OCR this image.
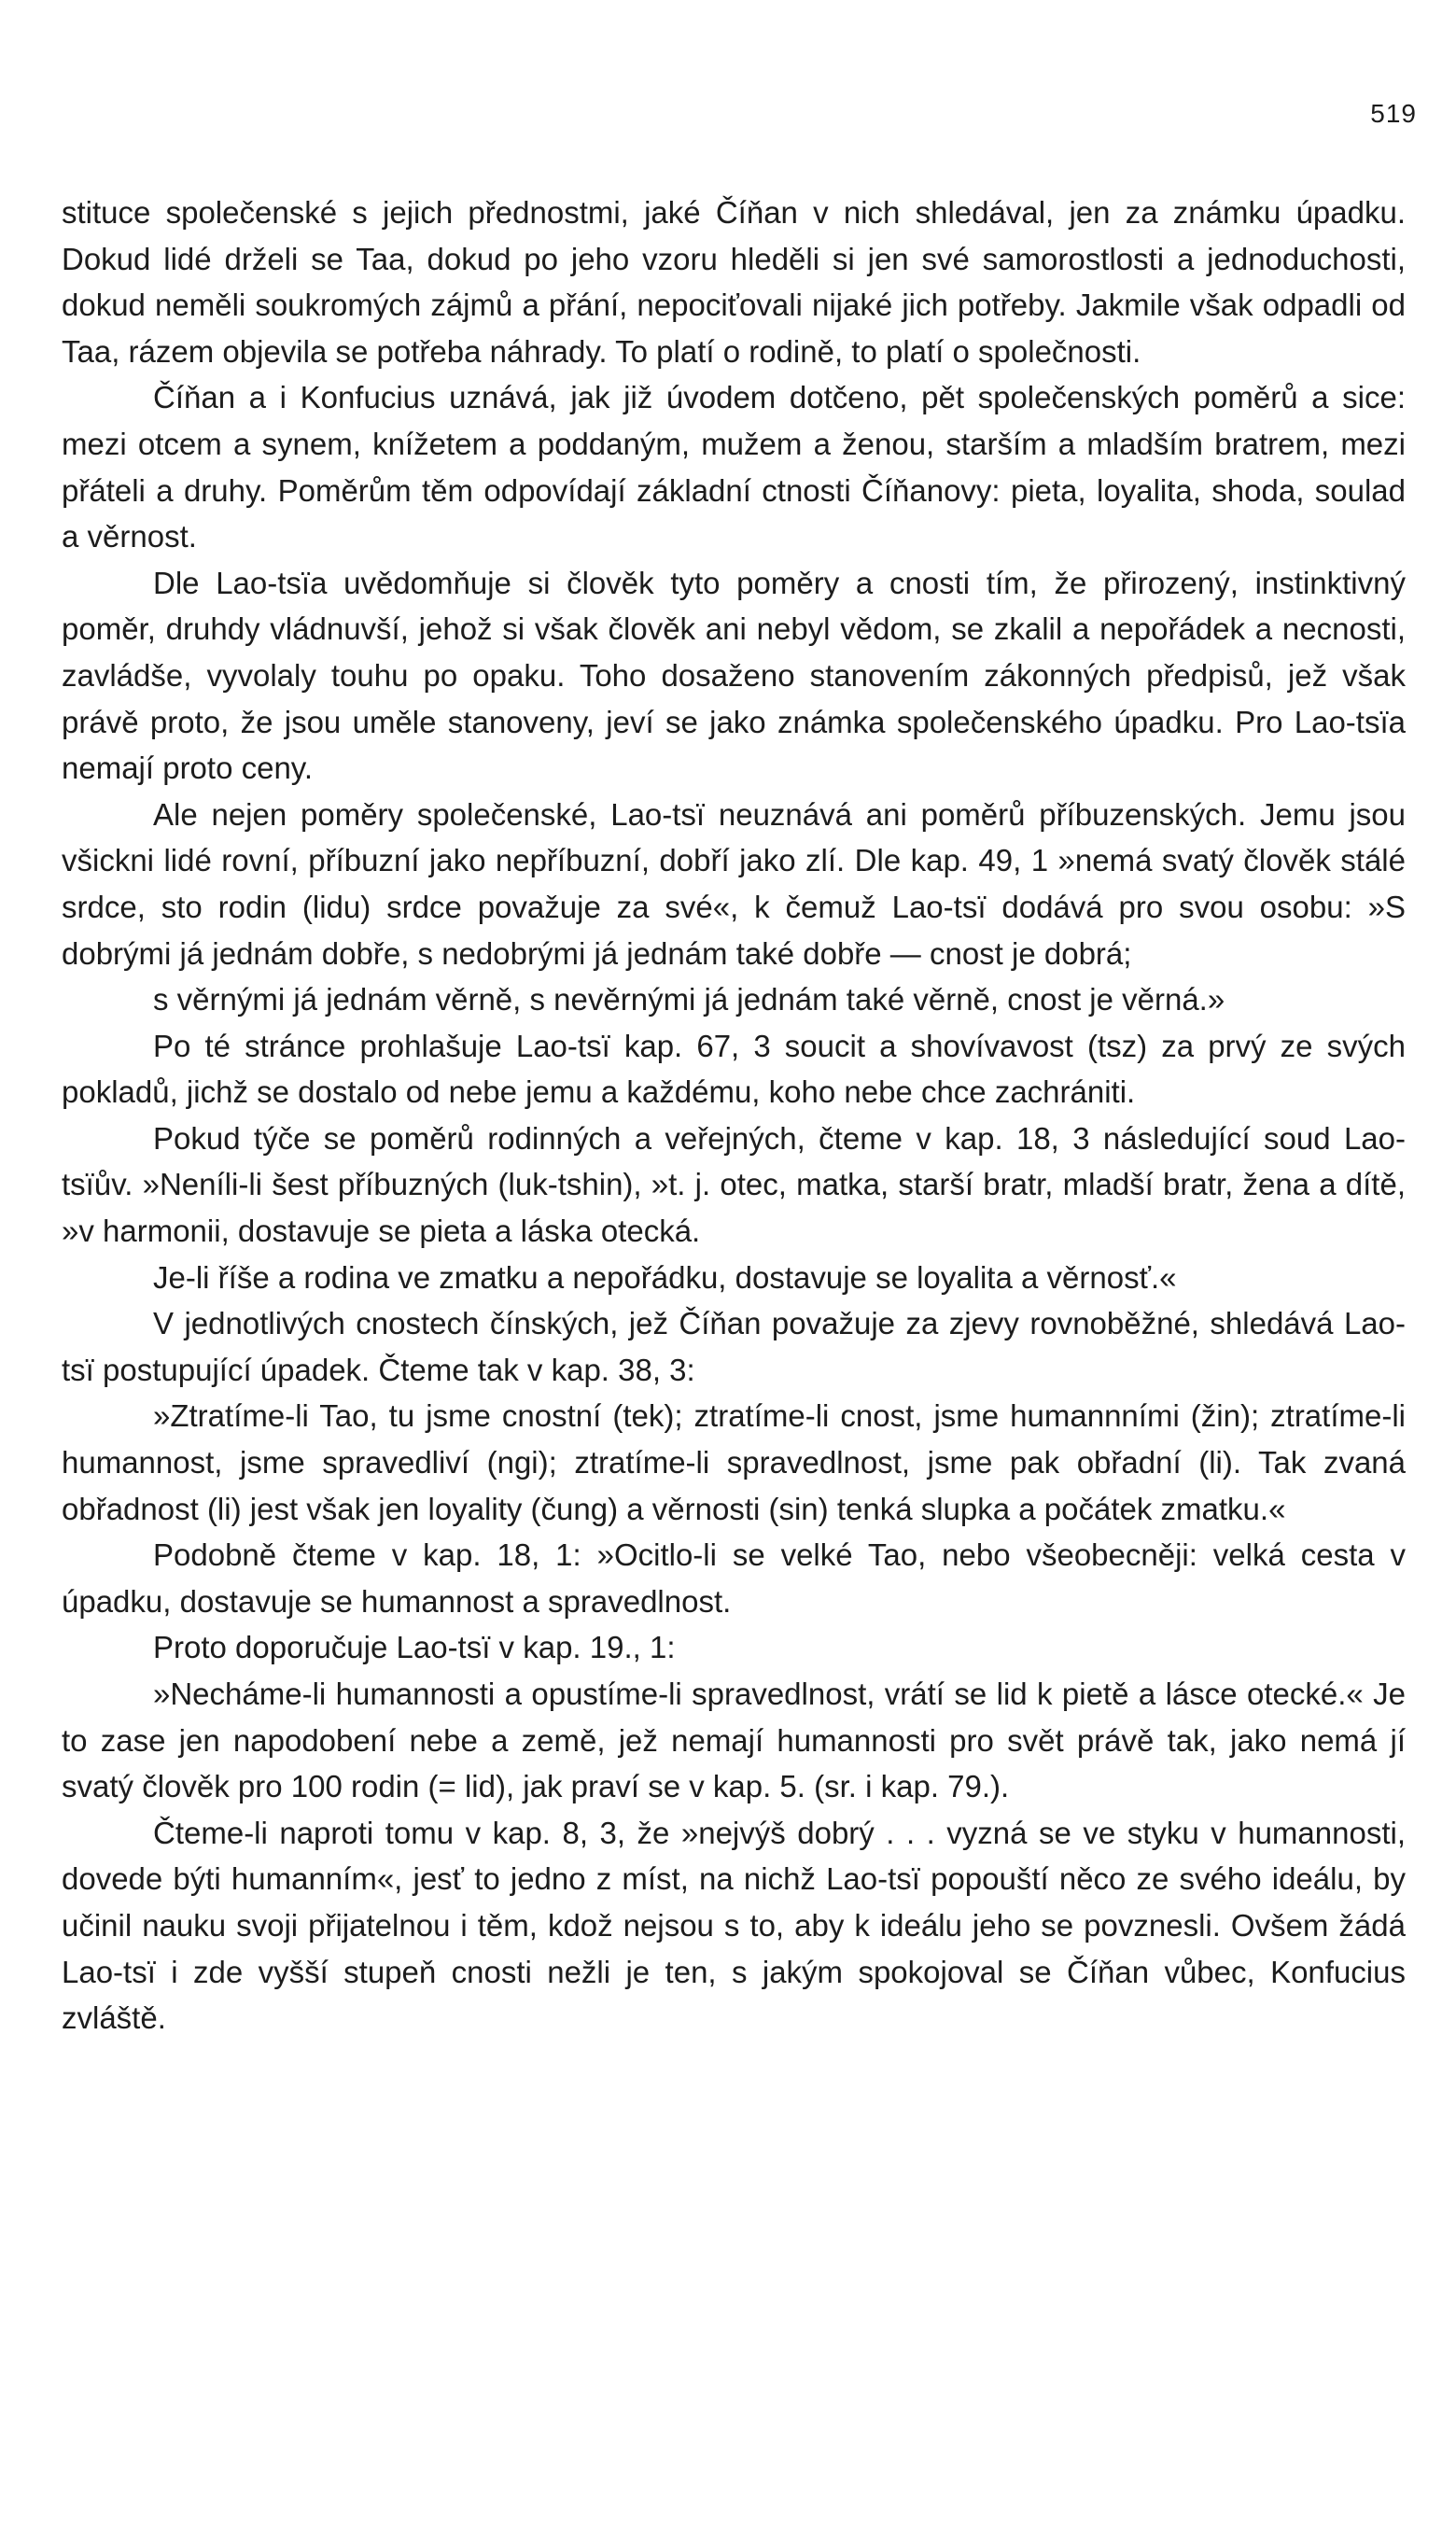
519

stituce společenské s jejich přednostmi, jaké Číňan v nich shledával, jen za známku úpadku. Dokud lidé drželi se Taa, dokud po jeho vzoru hleděli si jen své samorostlosti a jednoduchosti, dokud neměli soukromých zájmů a přání, nepociťovali nijaké jich potřeby. Jakmile však odpadli od Taa, rázem objevila se potřeba náhrady. To platí o rodině, to platí o společnosti.

Číňan a i Konfucius uznává, jak již úvodem dotčeno, pět společenských poměrů a sice: mezi otcem a synem, knížetem a poddaným, mužem a ženou, starším a mladším bratrem, mezi přáteli a druhy. Poměrům těm odpovídají základní ctnosti Číňanovy: pieta, loyalita, shoda, soulad a věrnost.

Dle Lao-tsïa uvědomňuje si člověk tyto poměry a cnosti tím, že přirozený, instinktivný poměr, druhdy vládnuvší, jehož si však člověk ani nebyl vědom, se zkalil a nepořádek a necnosti, zavládše, vyvolaly touhu po opaku. Toho dosaženo stanovením zákonných předpisů, jež však právě proto, že jsou uměle stanoveny, jeví se jako známka společenského úpadku. Pro Lao-tsïa nemají proto ceny.

Ale nejen poměry společenské, Lao-tsï neuznává ani poměrů příbuzenských. Jemu jsou všickni lidé rovní, příbuzní jako nepříbuzní, dobří jako zlí. Dle kap. 49, 1 »nemá svatý člověk stálé srdce, sto rodin (lidu) srdce považuje za své«, k čemuž Lao-tsï dodává pro svou osobu: »S dobrými já jednám dobře, s nedobrými já jednám také dobře — cnost je dobrá;

s věrnými já jednám věrně, s nevěrnými já jednám také věrně, cnost je věrná.»

Po té stránce prohlašuje Lao-tsï kap. 67, 3 soucit a shovívavost (tsz) za prvý ze svých pokladů, jichž se dostalo od nebe jemu a každému, koho nebe chce zachrániti.

Pokud týče se poměrů rodinných a veřejných, čteme v kap. 18, 3 následující soud Lao-tsïův. »Neníli-li šest příbuzných (luk-tshin), »t. j. otec, matka, starší bratr, mladší bratr, žena a dítě, »v harmonii, dostavuje se pieta a láska otecká.

Je-li říše a rodina ve zmatku a nepořádku, dostavuje se loyalita a věrnosť.«

V jednotlivých cnostech čínských, jež Číňan považuje za zjevy rovnoběžné, shledává Lao-tsï postupující úpadek. Čteme tak v kap. 38, 3:

»Ztratíme-li Tao, tu jsme cnostní (tek); ztratíme-li cnost, jsme humannními (žin); ztratíme-li humannost, jsme spravedliví (ngi); ztratíme-li spravedlnost, jsme pak obřadní (li). Tak zvaná obřadnost (li) jest však jen loyality (čung) a věrnosti (sin) tenká slupka a počátek zmatku.«

Podobně čteme v kap. 18, 1: »Ocitlo-li se velké Tao, nebo všeobecněji: velká cesta v úpadku, dostavuje se humannost a spravedlnost.

Proto doporučuje Lao-tsï v kap. 19., 1:

»Necháme-li humannosti a opustíme-li spravedlnost, vrátí se lid k pietě a lásce otecké.« Je to zase jen napodobení nebe a země, jež nemají humannosti pro svět právě tak, jako nemá jí svatý člověk pro 100 rodin (= lid), jak praví se v kap. 5. (sr. i kap. 79.).

Čteme-li naproti tomu v kap. 8, 3, že »nejvýš dobrý . . . vyzná se ve styku v humannosti, dovede býti humanním«, jesť to jedno z míst, na nichž Lao-tsï popouští něco ze svého ideálu, by učinil nauku svoji přijatelnou i těm, kdož nejsou s to, aby k ideálu jeho se povznesli. Ovšem žádá Lao-tsï i zde vyšší stupeň cnosti nežli je ten, s jakým spokojoval se Číňan vůbec, Konfucius zvláště.
